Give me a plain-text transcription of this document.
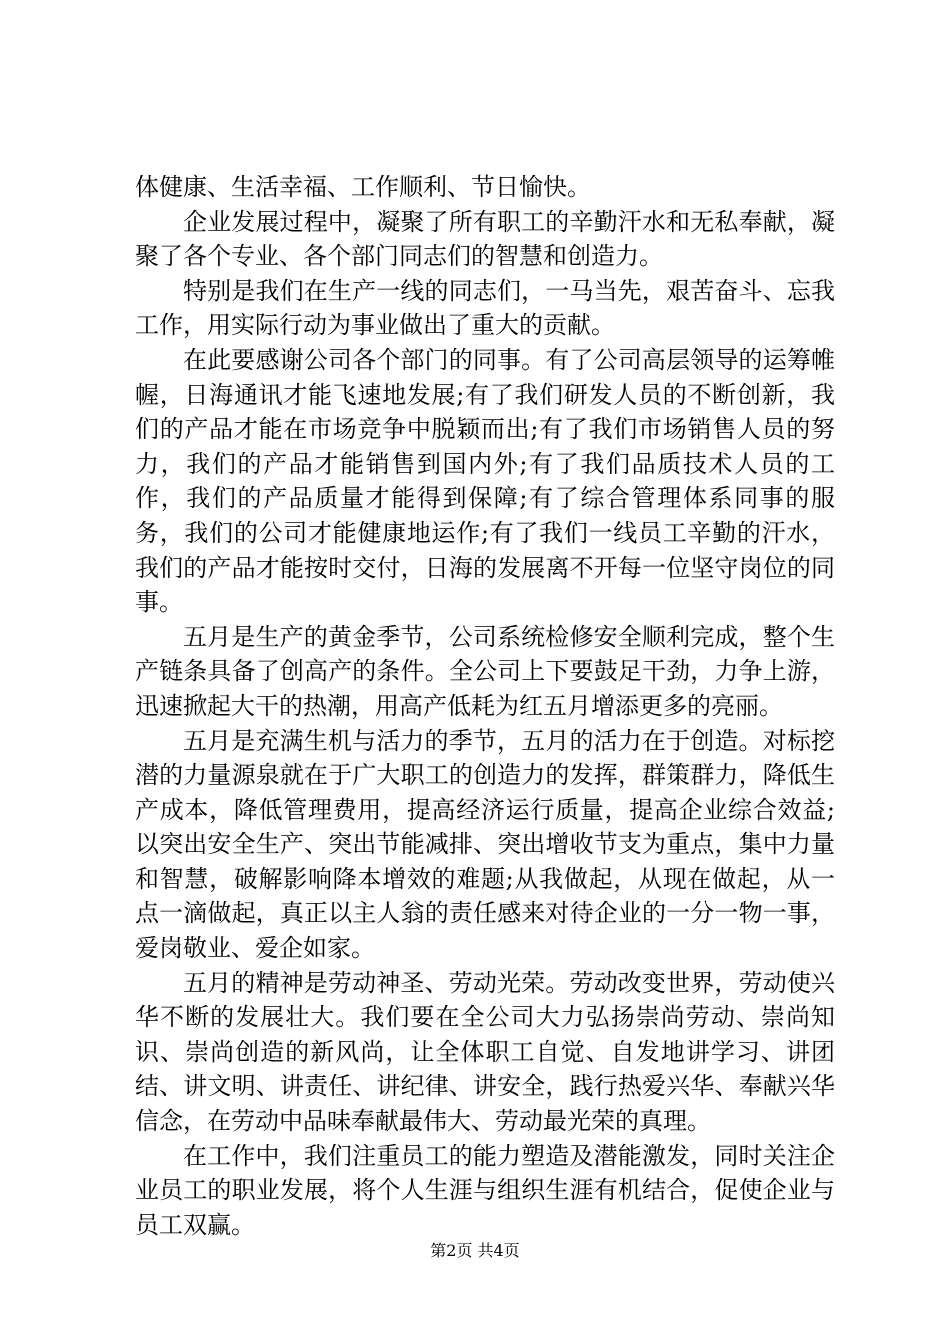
体健康、生活幸福、工作顺利、节日愉快。

企业发展过程中，凝聚了所有职工的辛勤汗水和无私奉献，凝聚了各个专业、各个部门同志们的智慧和创造力。

特别是我们在生产一线的同志们，一马当先，艰苦奋斗、忘我工作，用实际行动为事业做出了重大的贡献。

在此要感谢公司各个部门的同事。有了公司高层领导的运筹帷幄，日海通讯才能飞速地发展;有了我们研发人员的不断创新，我们的产品才能在市场竞争中脱颖而出;有了我们市场销售人员的努力，我们的产品才能销售到国内外;有了我们品质技术人员的工作，我们的产品质量才能得到保障;有了综合管理体系同事的服务，我们的公司才能健康地运作;有了我们一线员工辛勤的汗水，我们的产品才能按时交付，日海的发展离不开每一位坚守岗位的同事。

五月是生产的黄金季节，公司系统检修安全顺利完成，整个生产链条具备了创高产的条件。全公司上下要鼓足干劲，力争上游，迅速掀起大干的热潮，用高产低耗为红五月增添更多的亮丽。

五月是充满生机与活力的季节，五月的活力在于创造。对标挖潜的力量源泉就在于广大职工的创造力的发挥，群策群力，降低生产成本，降低管理费用，提高经济运行质量，提高企业综合效益;以突出安全生产、突出节能减排、突出增收节支为重点，集中力量和智慧，破解影响降本增效的难题;从我做起，从现在做起，从一点一滴做起，真正以主人翁的责任感来对待企业的一分一物一事，爱岗敬业、爱企如家。

五月的精神是劳动神圣、劳动光荣。劳动改变世界，劳动使兴华不断的发展壮大。我们要在全公司大力弘扬崇尚劳动、崇尚知识、崇尚创造的新风尚，让全体职工自觉、自发地讲学习、讲团结、讲文明、讲责任、讲纪律、讲安全，践行热爱兴华、奉献兴华信念，在劳动中品味奉献最伟大、劳动最光荣的真理。

在工作中，我们注重员工的能力塑造及潜能激发，同时关注企业员工的职业发展，将个人生涯与组织生涯有机结合，促使企业与员工双赢。

第2页 共4页
